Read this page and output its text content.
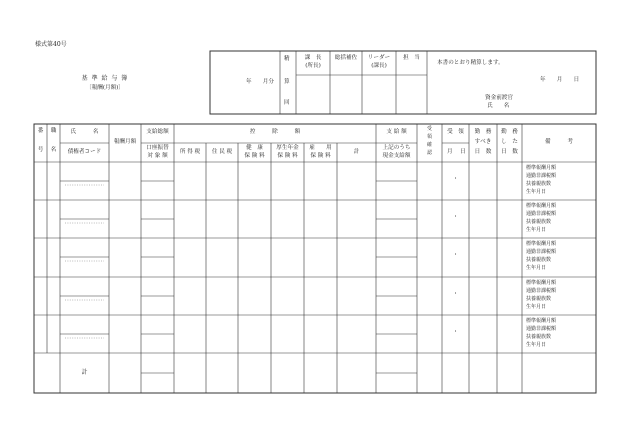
様式第40号
基 準 給 与 簿
〔報酬(月額)〕
年　　月分
精
算
回
課　長
(所長)
総括補佐	リーダー
(課長)
担　当
本書のとおり精算します。
年　　月　　日
資金前渡官
氏　　名
番
号
職
名
氏　　　名
債権者コード
報酬月額
支給総額
口座振替
対 象 額
控　　　除　　　額
所 得 税	住 民 税
健　康
保 険 料
厚生年金
保 険 料
雇　　用
保 険 料
計
支 給 額
上記のうち
現金支給額
受
領
確
認
受　領
月 日
勤　務
すべき
日　数
勤　務
し　た
日　数
備　　　考
・
標準報酬月額
通勤非課税額
扶養親族数
生年月日
・
標準報酬月額
通勤非課税額
扶養親族数
生年月日
・
標準報酬月額
通勤非課税額
扶養親族数
生年月日
・
標準報酬月額
通勤非課税額
扶養親族数
生年月日
・
標準報酬月額
通勤非課税額
扶養親族数
生年月日
計
